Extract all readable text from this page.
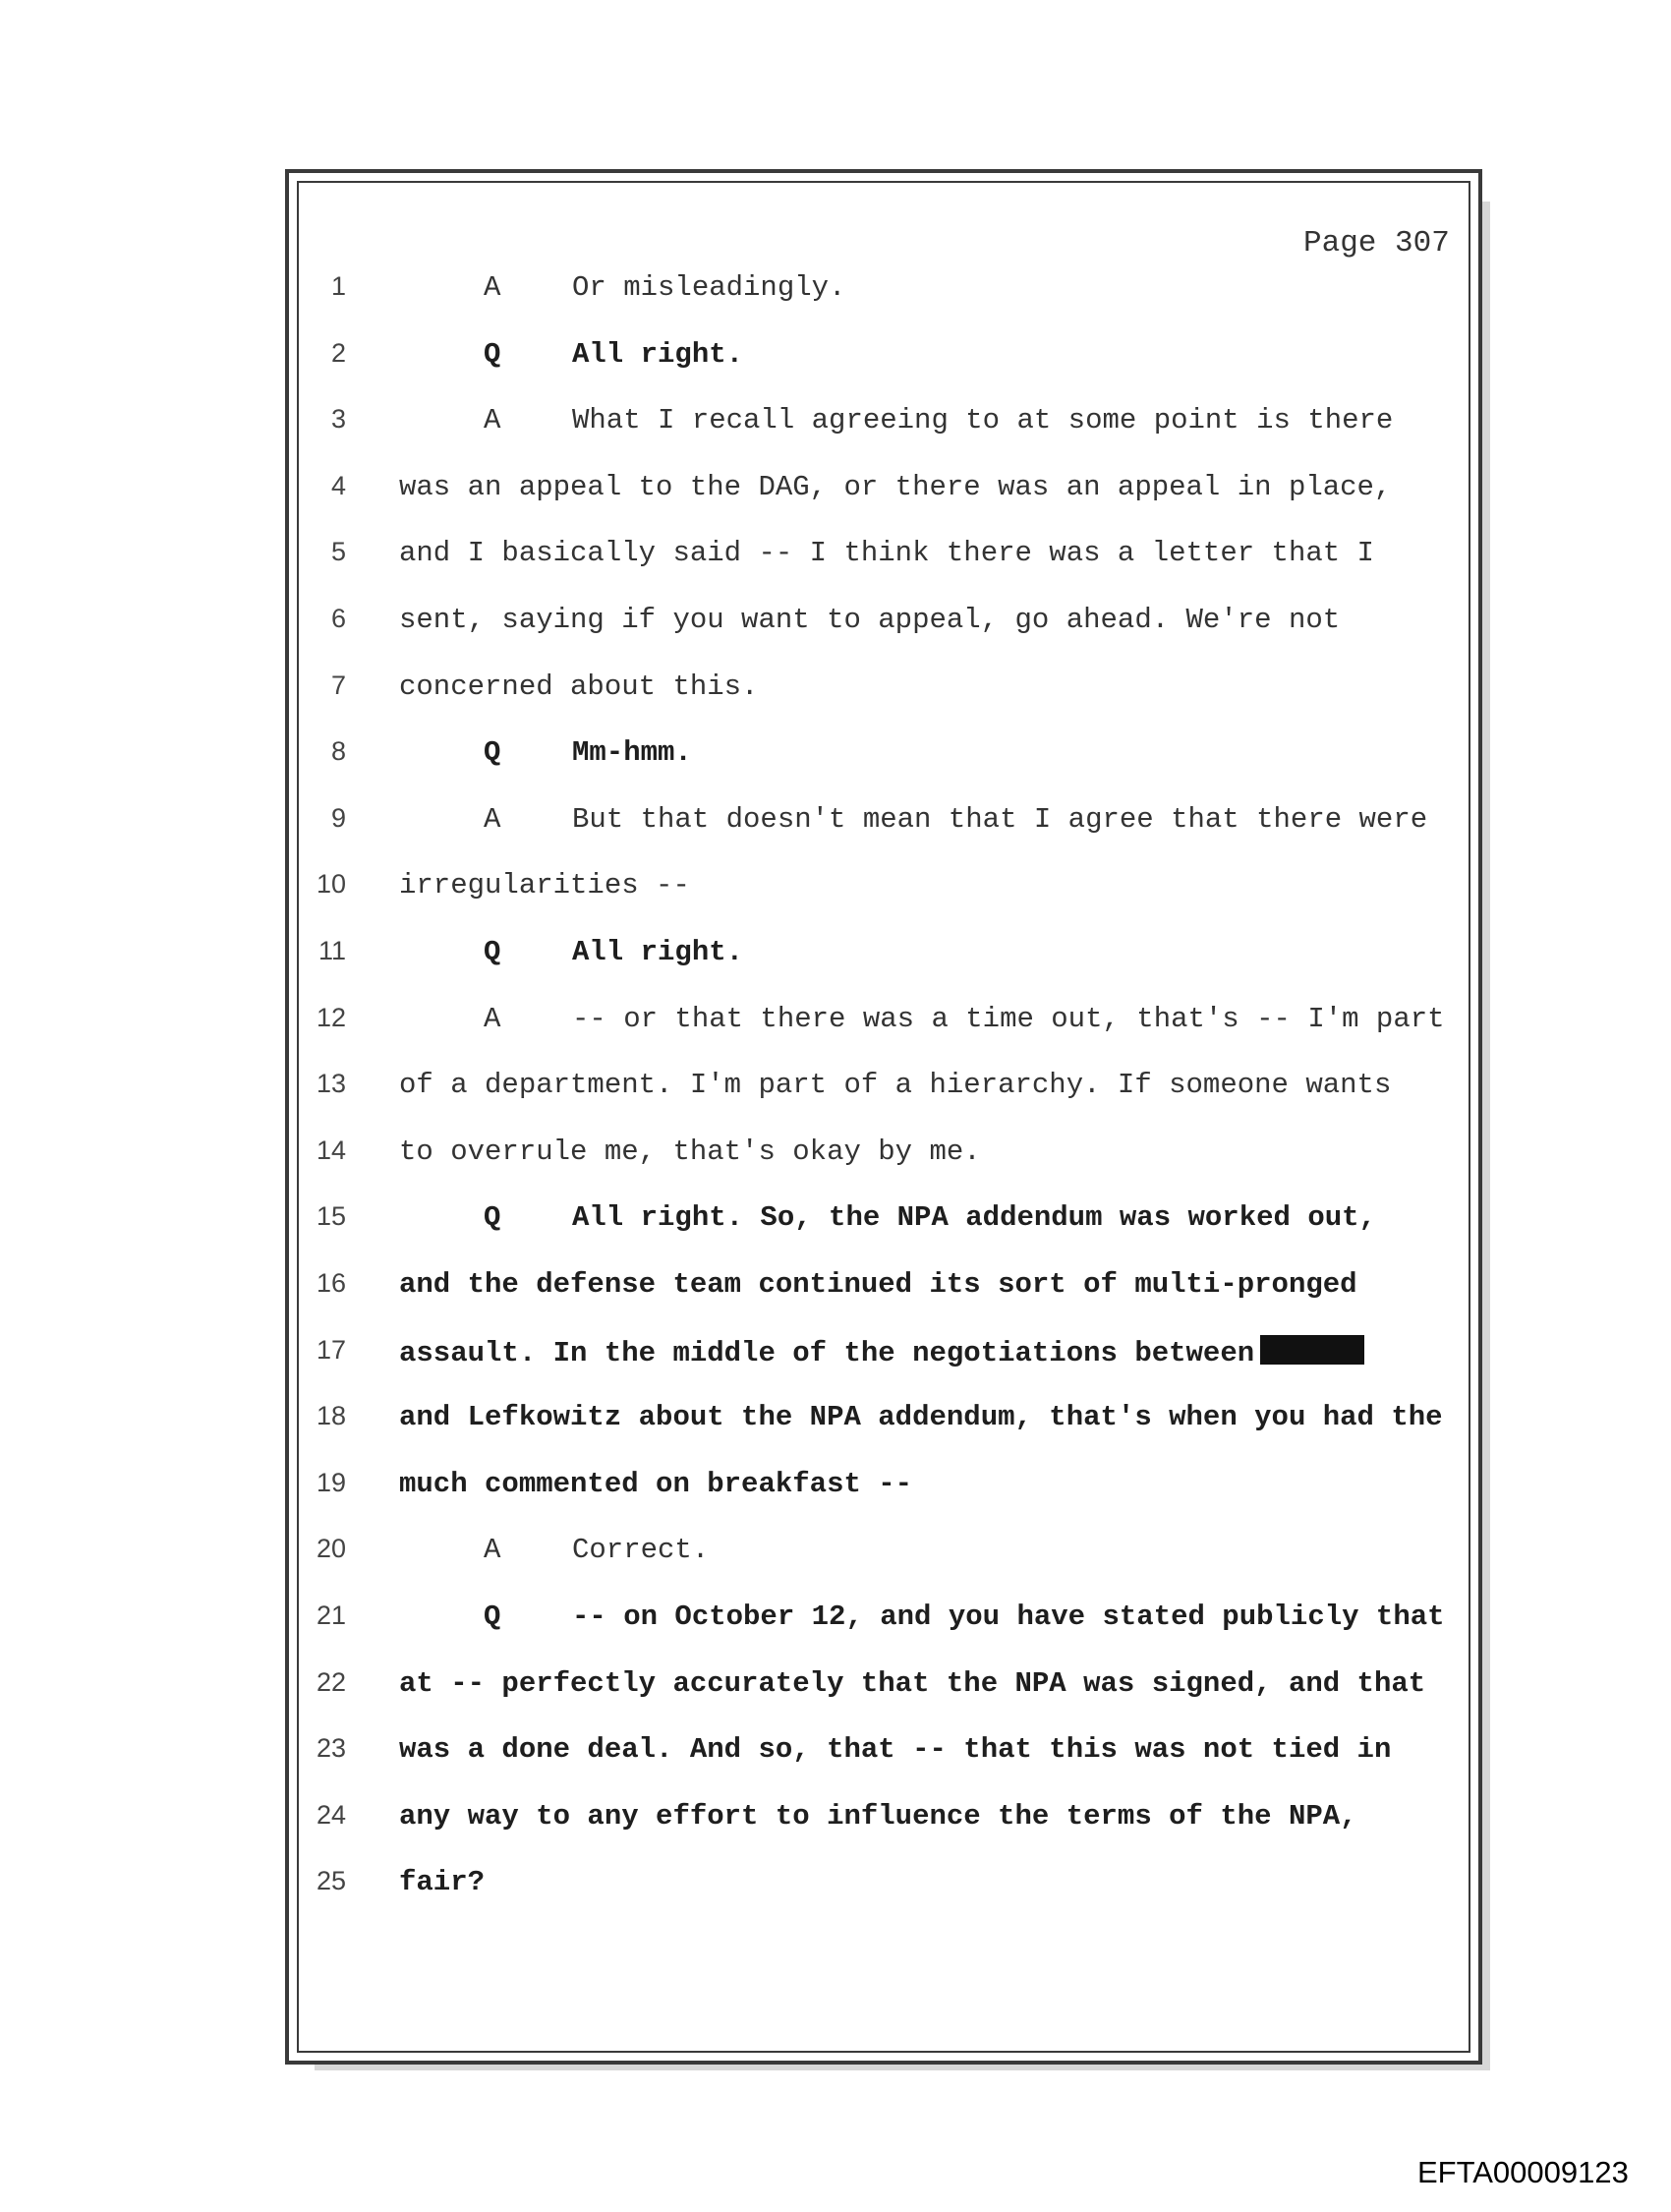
Page 307
1	A	Or misleadingly.
2	Q	All right.
3	A	What I recall agreeing to at some point is there
4 was an appeal to the DAG, or there was an appeal in place,
5 and I basically said -- I think there was a letter that I
6 sent, saying if you want to appeal, go ahead. We're not
7 concerned about this.
8	Q	Mm-hmm.
9	A	But that doesn't mean that I agree that there were
10 irregularities --
11	Q	All right.
12	A	-- or that there was a time out, that's -- I'm part
13 of a department. I'm part of a hierarchy. If someone wants
14 to overrule me, that's okay by me.
15	Q	All right. So, the NPA addendum was worked out,
16 and the defense team continued its sort of multi-pronged
17 assault. In the middle of the negotiations between
18 and Lefkowitz about the NPA addendum, that's when you had the
19 much commented on breakfast --
20	A	Correct.
21	Q	-- on October 12, and you have stated publicly that
22 at -- perfectly accurately that the NPA was signed, and that
23 was a done deal. And so, that -- that this was not tied in
24 any way to any effort to influence the terms of the NPA,
25 fair?
EFTA00009123
